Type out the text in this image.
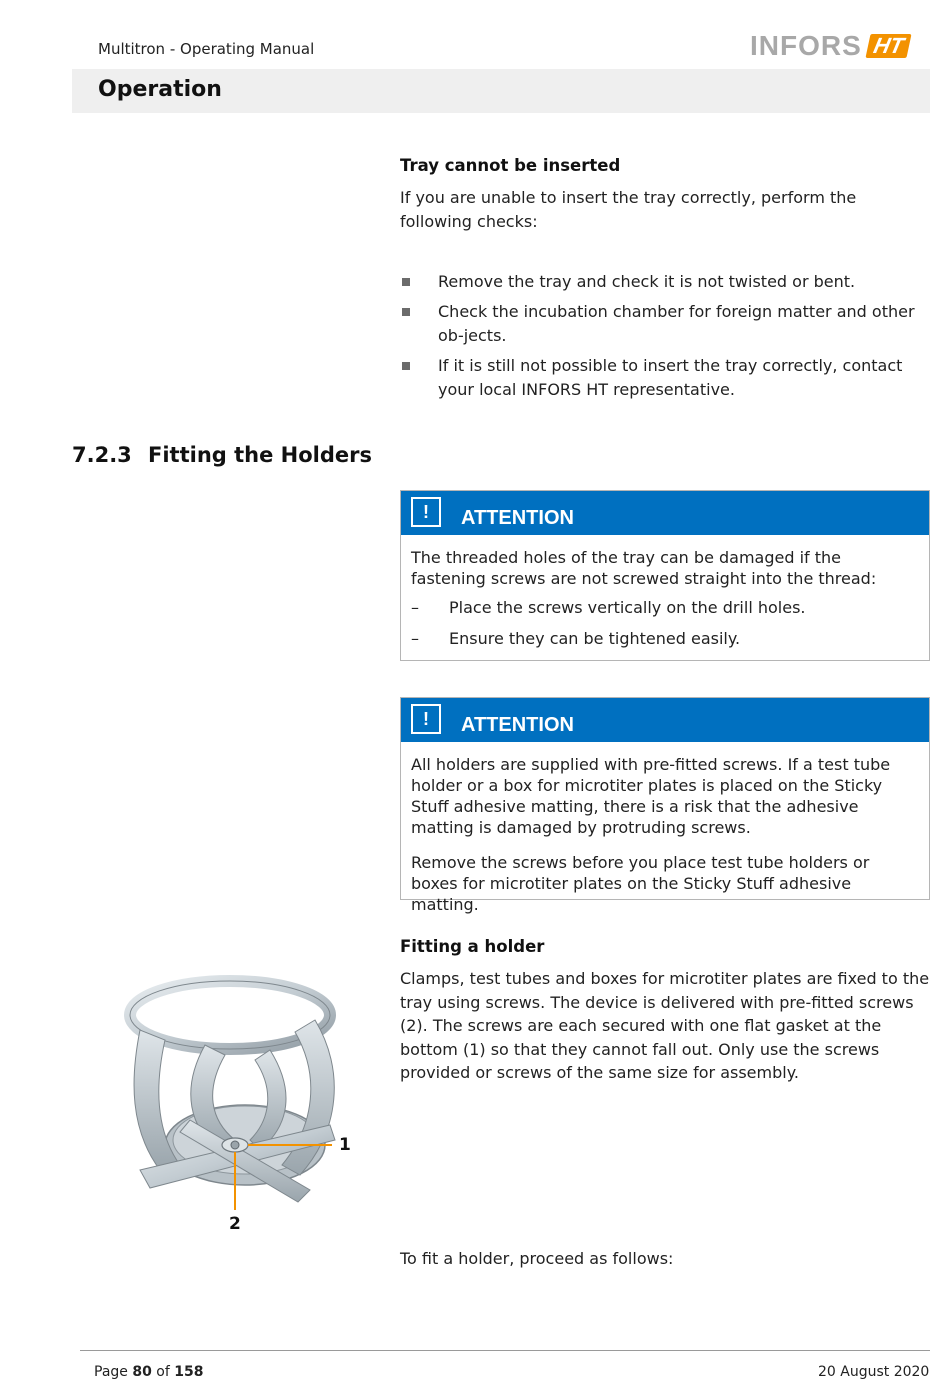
Multitron - Operating Manual	INFORS HT
Operation
Tray cannot be inserted
If you are unable to insert the tray correctly, perform the following checks:
Remove the tray and check it is not twisted or bent.
Check the incubation chamber for foreign matter and other ob-jects.
If it is still not possible to insert the tray correctly, contact your local INFORS HT representative.
7.2.3 Fitting the Holders
!	ATTENTION
The threaded holes of the tray can be damaged if the fastening screws are not screwed straight into the thread:
– Place the screws vertically on the drill holes.
– Ensure they can be tightened easily.
!	ATTENTION
All holders are supplied with pre-fitted screws. If a test tube holder or a box for microtiter plates is placed on the Sticky Stuff adhesive matting, there is a risk that the adhesive matting is damaged by protruding screws.
Remove the screws before you place test tube holders or boxes for microtiter plates on the Sticky Stuff adhesive matting.
Fitting a holder
Clamps, test tubes and boxes for microtiter plates are fixed to the tray using screws. The device is delivered with pre-fitted screws (2). The screws are each secured with one flat gasket at the bottom (1) so that they cannot fall out. Only use the screws provided or screws of the same size for assembly.
1
2
To fit a holder, proceed as follows:
Page 80 of 158	20 August 2020
